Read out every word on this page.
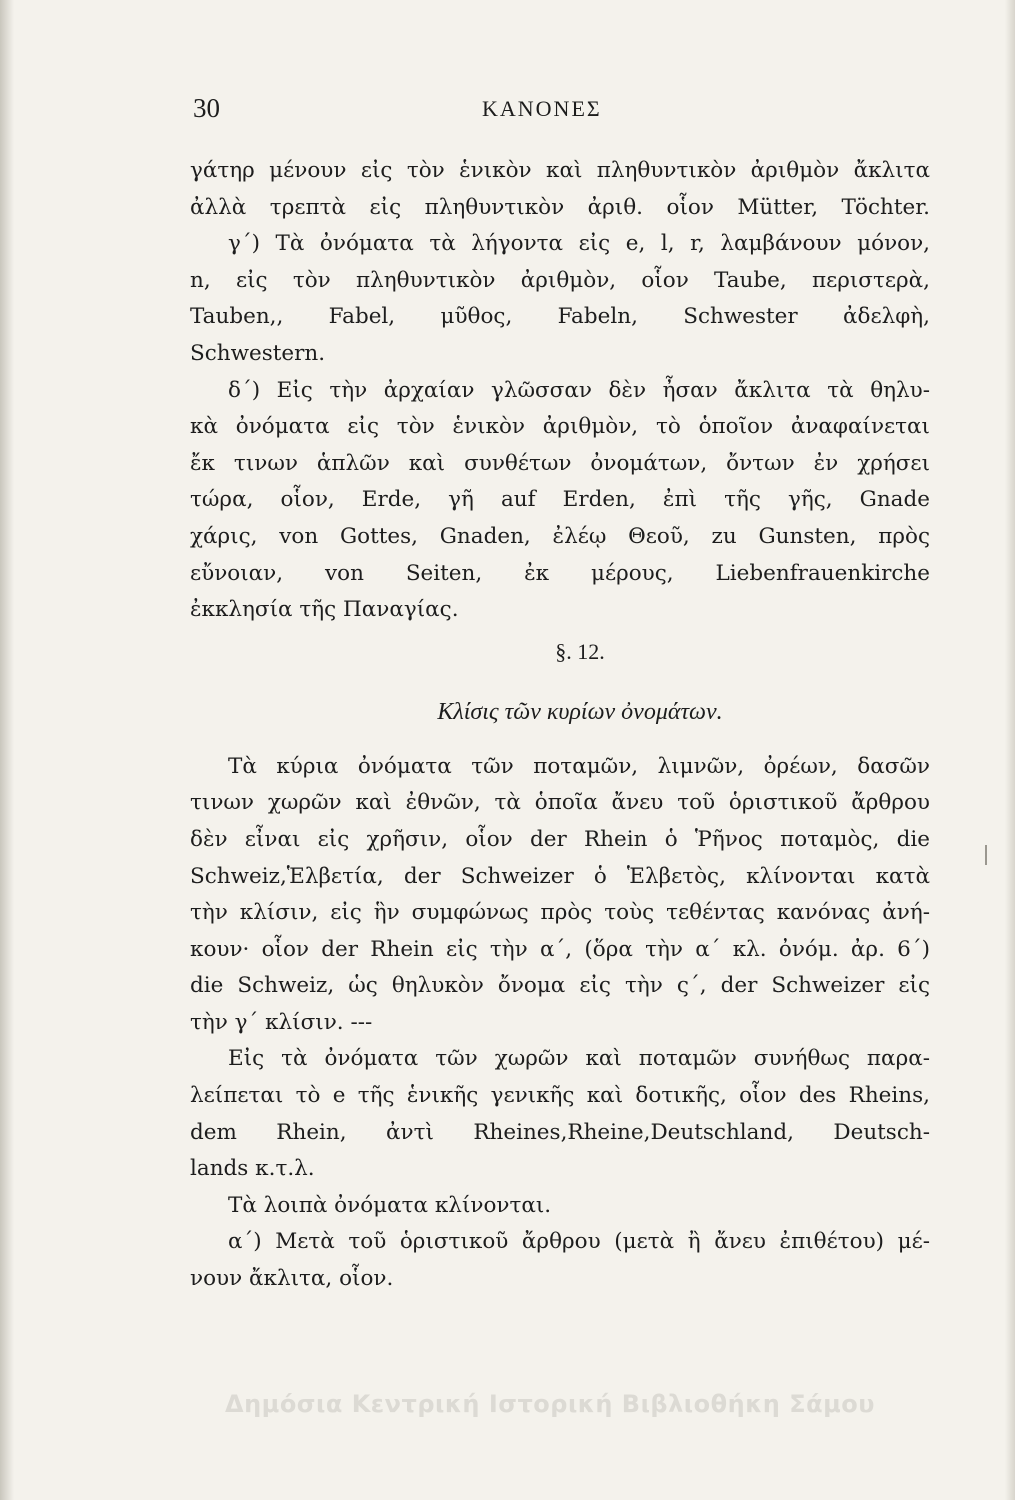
30	ΚΑΝΟΝΕΣ
γάτηρ μένουν εἰς τὸν ἑνικὸν καὶ πληθυντικὸν ἀριθμὸν ἄκλιτα
ἀλλὰ τρεπτὰ εἰς πληθυντικὸν ἀριθ. οἷον Mütter, Töchter.
γ΄) Τὰ ὀνόματα τὰ λήγοντα εἰς e, l, r, λαμβάνουν μόνον,
n, εἰς τὸν πληθυντικὸν ἀριθμὸν, οἷον Taube, περιστερὰ,
Tauben,, Fabel, μῦθος, Fabeln, Schwester ἀδελφὴ,
Schwestern.
δ΄) Εἰς τὴν ἀρχαίαν γλῶσσαν δὲν ἦσαν ἄκλιτα τὰ θηλυ-
κὰ ὀνόματα εἰς τὸν ἑνικὸν ἀριθμὸν, τὸ ὁποῖον ἀναφαίνεται
ἔκ τινων ἁπλῶν καὶ συνθέτων ὀνομάτων, ὄντων ἐν χρήσει
τώρα, οἷον, Erde, γῆ auf Erden, ἐπὶ τῆς γῆς, Gnade
χάρις, von Gottes, Gnaden, ἐλέῳ Θεοῦ, zu Gunsten, πρὸς
εὔνοιαν, von Seiten, ἐκ μέρους, Liebenfrauenkirche
ἐκκλησία τῆς Παναγίας.
§. 12.
Κλίσις τῶν κυρίων ὀνομάτων.
Τὰ κύρια ὀνόματα τῶν ποταμῶν, λιμνῶν, ὀρέων, δασῶν
τινων χωρῶν καὶ ἐθνῶν, τὰ ὁποῖα ἄνευ τοῦ ὁριστικοῦ ἄρθρου
δὲν εἶναι εἰς χρῆσιν, οἷον der Rhein ὁ Ῥῆνος ποταμὸς, die
Schweiz,Ἑλβετία, der Schweizer ὁ Ἑλβετὸς, κλίνονται κατὰ
τὴν κλίσιν, εἰς ἣν συμφώνως πρὸς τοὺς τεθέντας κανόνας ἀνή-
κουν· οἷον der Rhein εἰς τὴν α΄, (ὅρα τὴν α΄ κλ. ὀνόμ. ἀρ. 6΄)
die Schweiz, ὡς θηλυκὸν ὄνομα εἰς τὴν ς΄, der Schweizer εἰς
τὴν γ΄ κλίσιν. ---
Εἰς τὰ ὀνόματα τῶν χωρῶν καὶ ποταμῶν συνήθως παρα-
λείπεται τὸ e τῆς ἑνικῆς γενικῆς καὶ δοτικῆς, οἷον des Rheins,
dem Rhein, ἀντὶ Rheines,Rheine,Deutschland, Deutsch-
lands κ.τ.λ.
Τὰ λοιπὰ ὀνόματα κλίνονται.
α΄) Μετὰ τοῦ ὁριστικοῦ ἄρθρου (μετὰ ἢ ἄνευ ἐπιθέτου) μέ-
νουν ἄκλιτα, οἷον.
Δημόσια Κεντρική Ιστορική Βιβλιοθήκη Σάμου
